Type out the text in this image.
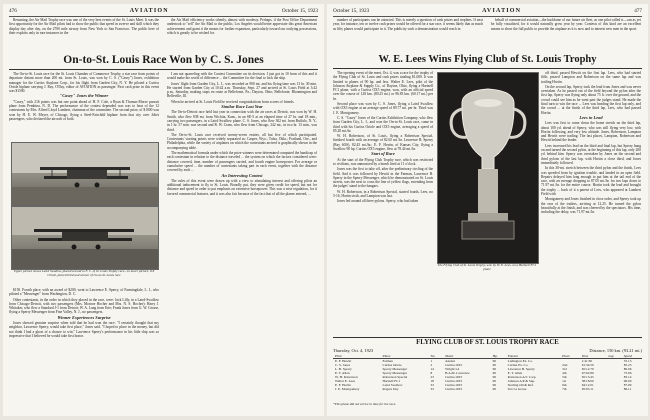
476	AVIATION	October 15, 1923

Resuming, the Air Mail Trophy race was one of the very best events of the St. Louis Meet. It was the first opportunity for the Air Mail pilots had to show the public that speed in swerve and skill which they display day after day, on the 2700 mile airway from New York to San Francisco. The public here of their exploits only in rare instances in the

the Air Mail efficiency works silently, almost with modesty. Perhaps, if the Post Office Department undertook to "sell" the Air Mail to the public, Los Angeles would better appreciate this great American achievement and grant it the means for further expansion, particularly toward our outlying possessions, which is greatly to be wished for.

On-to-St. Louis Race Won by C. S. Jones

The On-to-St. Louis race for the St. Louis Chamber of Commerce Trophy, a star race from points of departure distant more than 200 mi. from St. Louis, was won by C. S. ("Casey") Jones, exhibition manager for the Curtiss Airplane Corp., for his flight from Garden City, N. Y. He piloted a Curtiss Oriole biplane carrying J. Ray, O'Day, editor of AVIATION as passenger. First cash prize in this event was $1500.

"Casey" Jones the Winner

"Casey," with 216 points was but one point ahead of H. F. Cole, a Ryan & Thomas-Morse pursuit plane from Pembina, N. D. The performance of the contest depended was was to hear of the 12 contestants by Mrs. Alfred Lloyd Lambert, chairman of the committee. The second prize, of $1000 was won by H. E. W. Meyer, of Chicago, flying a Steel-Fairchild biplane from that city over Joliet passengers, who declared the aircraft of both.

Upper picture shows Laird Swallow, placed second in F. C. of St. Louis Trophy race—in lower picture, OX Oriole, placed third and winner of On-to-St. Louis race

$150. Fourth place, with an award of $200, went to Lawrence E. Sperry, of Farmingdale, L. I., who piloted a "Messenger" from Washington, D. C.

Other contestants, in the order in which they placed in the race, were: Jack Lilly, in a Laird-Swallow from Chicago-Detroit, with two passengers (Mrs. Monroe Hocher and Mrs. N. S. Hocher); Harry J. Whitaker, who flew a Standard J-1 from Detroit; W. A. Lang from Erie; Frank Jones from G. W. Grosse, flying a Sperry Messenger from Fine Valley, N. J., no passengers.

Winner Experiences Surprise

Jones showed genuine surprise when told that he had won the race. "I certainly thought that my neighbor, Lawrence Sperry, would take first place," Jones said. "I hoped to place in the money, but did not think I had a ghost of a chance to win." Lawrence Sperry's performance in his little ship was so impressive that I believed he would take first honor.

I am not quarreling with the Contest Committee on its decision. I just got in 10 from of this and it would make the world of difference ... the Committee for the final to lock the ship.

Jones' flight from Garden City, L. I., was recorded as 900 mi. and his flying time was 13 hr. 30 min. He started from Garden City at 10:42 a.m. Thursday, Sept. 27 and arrived at St. Louis Field at 3:42 p.m., Saturday, making stops en route at Bellefonte, Pa.; Dayton, Ohio; Bellefonte; Bloomington and Belleville, Ill.

When he arrived at St. Louis Field he received congratulations from scores of friends.

Similar Race Last Year

The On-to-Detroit race held last year in connection with the air races at Detroit, was won by W. H. Smith, who flew 838 mi. from Wichita, Kans., in an SE-5 at an elapsed time of 27 hr. and 18 min., carrying two passengers, in a Laird Swallow plane. C. S. Jones, who flew 302 mi. from Buffalo, N. Y., in 1 hr. 57 min. was second and R. W. Cram, who flew from Chicago, 242 mi., in two hr. 13 min., was third.

The On-to-St. Louis race received twenty-seven entries, all but five of which participated. Contestants' starting points were widely separated as: Casper, Wyo.; Tulsa, Okla.; Portland, Ore., and Philadelphia, while the variety of airplanes on which the contestants arrived is graphically shown in the accompanying table.

The mathematical formula under which the prize winners were determined computed the handicap of each contestant in relation to the distance traveled ... the system on which the factors considered were: distance covered, time, number of passengers carried, and fourth engine horsepower. For average or cumulative speed ... the number of contestants taking part in each event, together with the distance covered by each ...

An Interesting Contest

The rules of this event were drawn up with a view to stimulating interest and offering pilots an additional inducement to fly to St. Louis. Broadly put, they were given credit for speed, but not for distance and speed in order to put emphasis on extensive horsepower. This was a wise regulation, for it favored commercial features, and it was also fair because of the fact that of all the planes entered, ...

October 15, 1923	AVIATION	477

number of participants can be attracted. This is merely a question of cash prizes and trophies. If next year, for instance, ten or twelve cash prizes would be offered for a star race, it seems likely that as much as fifty planes would participate in it. The publicity such a demonstration would reach in

behalf of commercial aviation—the backbone of our future air fleet, as one pilot called it—can as yet be fully visualized, for it would naturally grow year by year. Contests of this kind are an excellent means to show the full public to provide the airplane as it is now and to interest new men in the sport.

W. E. Lees Wins Flying Club of St. Louis Trophy

The opening event of the meet, Oct. 4, was a race for the trophy of the Flying Club of St. Louis and cash prizes totaling $1,000. It was limited to planes of 90 hp. and less. Walter E. Lees, pilot of the Johnson Airplane & Supply Co., of Dayton, Ohio, flying a Hartzell FC1 plane, with a Curtiss OX5 engine, won, with an official speed over the course of 128 km. (80.25 mi.) or 96.83 km. (60.17 mi.) per hr.

Second place was won by C. S. Jones, flying a Laird Swallow with OX5 engine at an average speed of 89.77 mi. per hr. Third was J. E. Montgomery.

C. S. "Casey" Jones of the Curtiss Exhibition Company, who flew from Garden City, L. I., and won the On-to-St. Louis race, came in third with his Curtiss Oriole and OX5 engine, averaging a speed of 85.28 mi./hr.

W. H. Robertson, of St. Louis, flying a Robertson Special, finished fourth with an average of 82.65 mi./hr. Lawrence B. Sperry (Ray 6OS), 82.45 mi./hr.; E. F. Hortin, of Kansas City, flying a Swallow 90 hp. Curtiss OX5 engine, flew at 78.44 mi./hr.

Start of Race

At the start of the Flying Club Trophy race, which was restricted to civilians, was announced by a bomb fired at 11 o'clock.

Jones was the first to take off, after the preliminary circling of the field. And it was followed by Hewitt in the Farman, Lawrence B. Sperry in the Sperry Messenger, which he demonstrated on St. Louis streets, was the next to cross the line of yellow flags, extending from the judges' stand to the hangars.

W. H. Robertson, in a Robertson Special, started fourth, Lees, no 5-16, Hortin sixth, and Lampton was last.

Jones led around all three pylons. Sperry, who had taken

The Flying Club of St. Louis Trophy, won by W. E. Lees, on a Hartzell FC1 plane

off third, passed Hewitt on the first lap. Lees, who had started fifth, passed Lampton and Robertson on the same lap and was trailing Hortin.

On the second lap, Sperry took the lead from Jones and was never overtaken. As he passed out of the field beyond the pylon after the first lap, Sperry was flying only about 75 ft. over the ground, and the crowd could see him as he went past the judges stand. He made the final turn to win the race ... Lees was heading the first lap only, and the crowd ... at the finish of the third lap, Lees, who had passed Hortin.

Lees in Lead

Lees was first to come down the home stretch on the third lap, about 100 yd. ahead of Sperry, who was still flying very low, with Hortin following, and very low altitude. Jones, Robertson, Lampton and Hewitt were trailing. The last places, Lampton, Robertson and Hewitt behind the leader.

Lees increased his lead on the third and final lap, but Sperry hung on and turned the second pylon, at the beginning of this lap, only 200 yd. behind him. Sperry was overtaken by Jones on the second and third pylons of the last lap, with Hortin a close third, and Jones immediately followed.

In this 30-mi. stretch between the third pylon and the finish, Lees was speeded from by ignition trouble, and landed in an open field. Repairs delayed him long enough to put him at the tail end of the race, with an average dropping to 87.05 mi./hr. for two laps down to 71.97 mi./hr. for the entire course. Hortin took the lead and brought the trophy ... back of it a parent of Lees, who appeared at Lambert Field with

Montgomery and Jones finished in close order, and Sperry took up the rear of the trailers, arriving at 12.25. He turned the pylon beautifully at the finish, and was cheered by the spectators. His time, including the delay, was 71.97 mi./hr.

FLYING CLUB OF ST. LOUIS TROPHY RACE
Thursday, Oct. 4, 1923	Distance, 150 km. (93.21 mi.)
Pilot	Plane	No.	Motor	Hp.	Entrant	Place	Time	Lap	Speed
E. F. Hewitt	Farman	1	Anzani	60	Ludington Ex. Co.		1:41:30		55.13
C. S. Jones	Curtiss Oriole	2	Curtiss OX5	90	Curtiss Ex. Co.	2nd	61:34.50		85.23
L. B. Sperry	Sperry Messenger	14	Wright L4	60	Lawrence B. Sperry	3rd	65:12.79		80.06
E. T. Allen	Sperry Messenger	8	B.A.M. Lawrence	60	E. T. Allen	4th	67:02.80		75.06
W. H. Robertson	Robertson Special	23	Curtiss OX5	90	Robertson A/C Corp.	5th	65:15.45		85.14
Walter E. Lees	Hartzell FC1	18	Curtiss OX5	90	Johnson A/P & Sup.	1st	58:18.00		96.00
E. F. Hortin	Laird Swallow	33	Curtiss OX5	90	Sterling Oil & Ref.	6th	64:12.01		87.09
J. E. Montgomery	Rogers Day	33	Curtiss OX5	90	Tex La Grone	7th	65:03.11		86.11
*This plane did not arrive in time for the race.
